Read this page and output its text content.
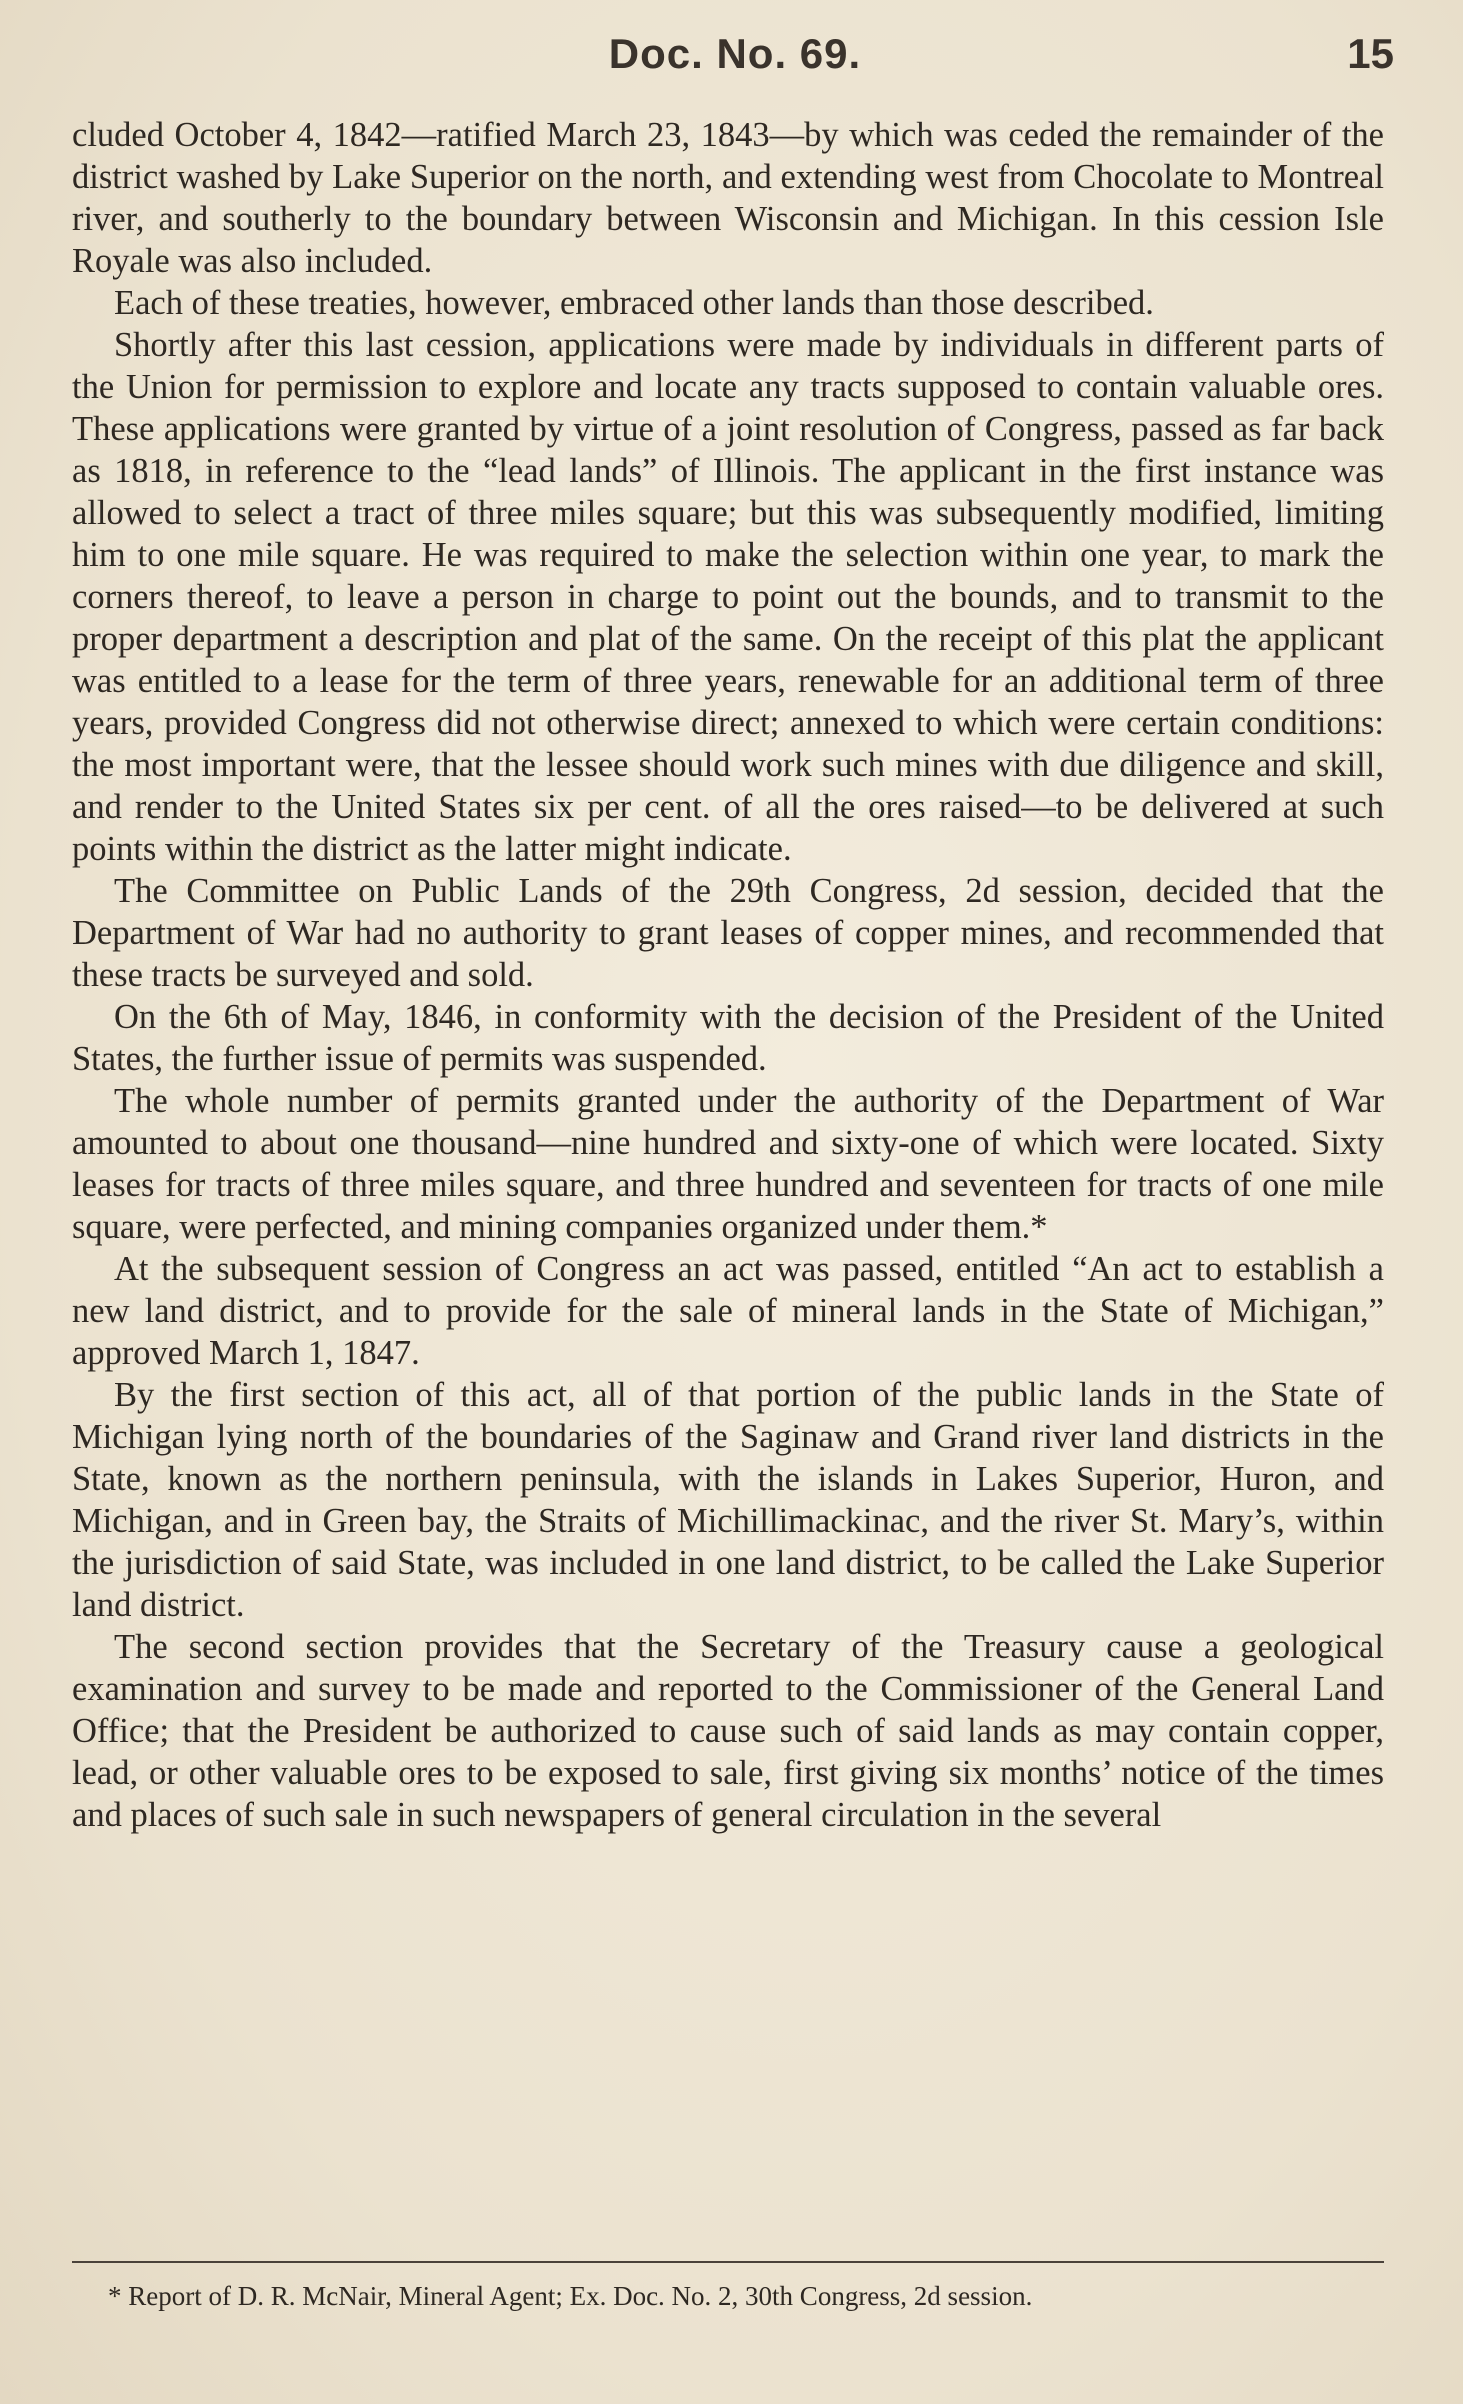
Doc. No. 69.	15

cluded October 4, 1842—ratified March 23, 1843—by which was ceded the remainder of the district washed by Lake Superior on the north, and extending west from Chocolate to Montreal river, and southerly to the boundary between Wisconsin and Michigan. In this cession Isle Royale was also included.

Each of these treaties, however, embraced other lands than those described.

Shortly after this last cession, applications were made by individuals in different parts of the Union for permission to explore and locate any tracts supposed to contain valuable ores. These applications were granted by virtue of a joint resolution of Congress, passed as far back as 1818, in reference to the “lead lands” of Illinois. The applicant in the first instance was allowed to select a tract of three miles square; but this was subsequently modified, limiting him to one mile square. He was required to make the selection within one year, to mark the corners thereof, to leave a person in charge to point out the bounds, and to transmit to the proper department a description and plat of the same. On the receipt of this plat the applicant was entitled to a lease for the term of three years, renewable for an additional term of three years, provided Congress did not otherwise direct; annexed to which were certain conditions: the most important were, that the lessee should work such mines with due diligence and skill, and render to the United States six per cent. of all the ores raised—to be delivered at such points within the district as the latter might indicate.

The Committee on Public Lands of the 29th Congress, 2d session, decided that the Department of War had no authority to grant leases of copper mines, and recommended that these tracts be surveyed and sold.

On the 6th of May, 1846, in conformity with the decision of the President of the United States, the further issue of permits was suspended.

The whole number of permits granted under the authority of the Department of War amounted to about one thousand—nine hundred and sixty-one of which were located. Sixty leases for tracts of three miles square, and three hundred and seventeen for tracts of one mile square, were perfected, and mining companies organized under them.*

At the subsequent session of Congress an act was passed, entitled “An act to establish a new land district, and to provide for the sale of mineral lands in the State of Michigan,” approved March 1, 1847.

By the first section of this act, all of that portion of the public lands in the State of Michigan lying north of the boundaries of the Saginaw and Grand river land districts in the State, known as the northern peninsula, with the islands in Lakes Superior, Huron, and Michigan, and in Green bay, the Straits of Michillimackinac, and the river St. Mary’s, within the jurisdiction of said State, was included in one land district, to be called the Lake Superior land district.

The second section provides that the Secretary of the Treasury cause a geological examination and survey to be made and reported to the Commissioner of the General Land Office; that the President be authorized to cause such of said lands as may contain copper, lead, or other valuable ores to be exposed to sale, first giving six months’ notice of the times and places of such sale in such newspapers of general circulation in the several

* Report of D. R. McNair, Mineral Agent; Ex. Doc. No. 2, 30th Congress, 2d session.
